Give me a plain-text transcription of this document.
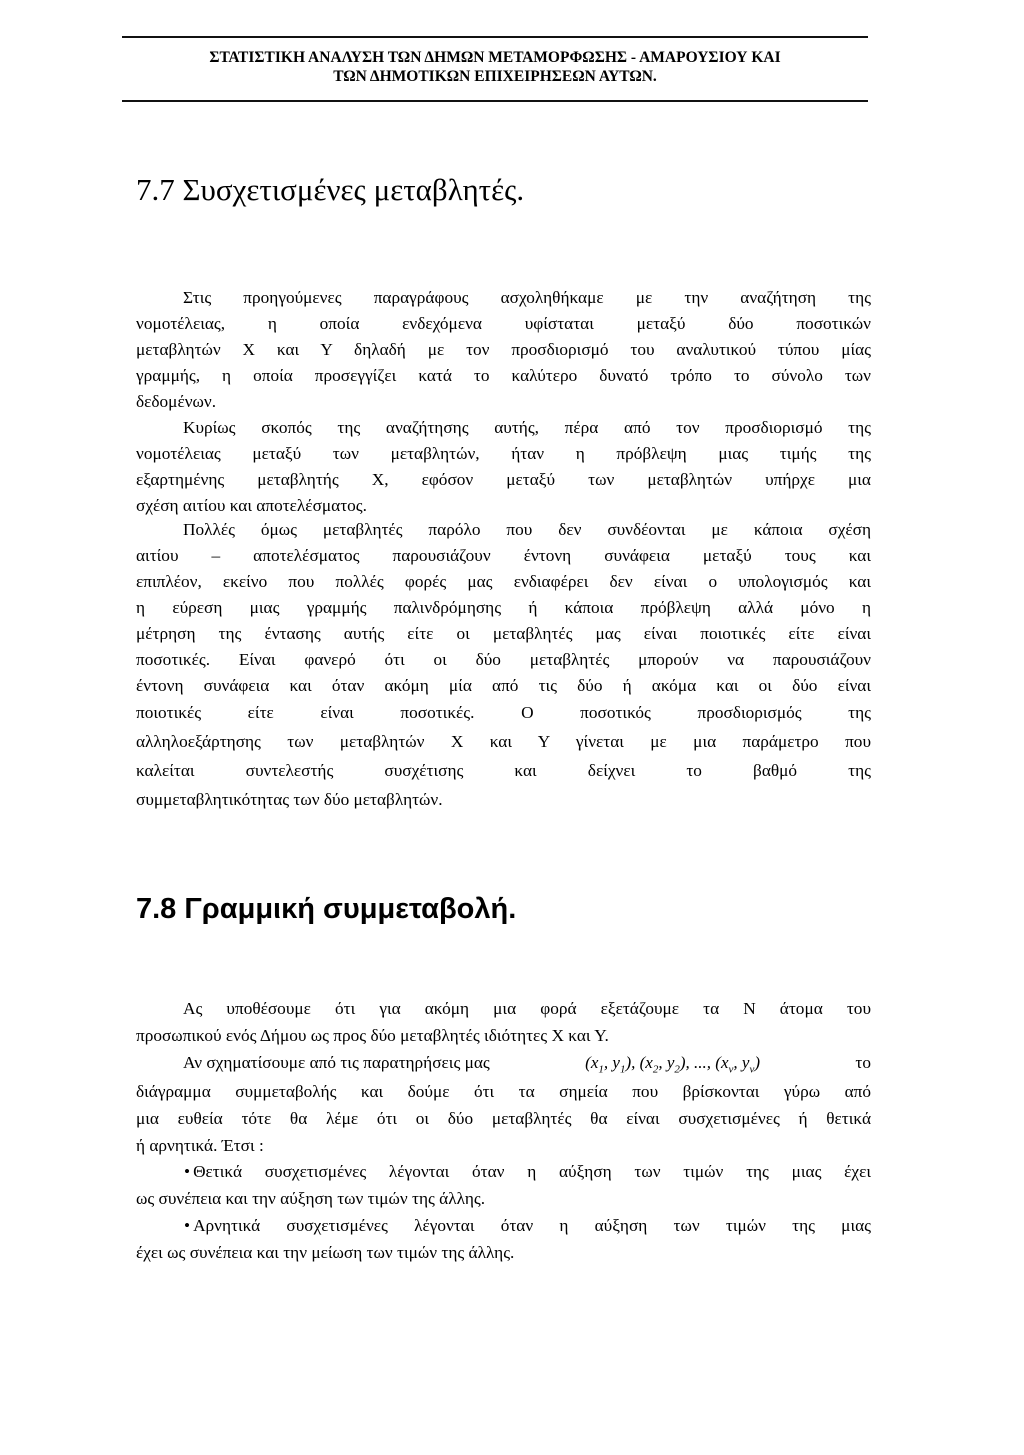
ΣΤΑΤΙΣΤΙΚΗ ΑΝΑΛΥΣΗ ΤΩΝ ΔΗΜΩΝ ΜΕΤΑΜΟΡΦΩΣΗΣ - ΑΜΑΡΟΥΣΙΟΥ ΚΑΙ
ΤΩΝ ΔΗΜΟΤΙΚΩΝ ΕΠΙΧΕΙΡΗΣΕΩΝ ΑΥΤΩΝ.
7.7 Συσχετισμένες μεταβλητές.
Στις προηγούμενες παραγράφους ασχοληθήκαμε με την αναζήτηση της
νομοτέλειας, η οποία ενδεχόμενα υφίσταται μεταξύ δύο ποσοτικών
μεταβλητών Χ και Υ δηλαδή με τον προσδιορισμό του αναλυτικού τύπου μίας
γραμμής, η οποία προσεγγίζει κατά το καλύτερο δυνατό τρόπο το σύνολο των
δεδομένων.
Κυρίως σκοπός της αναζήτησης αυτής, πέρα από τον προσδιορισμό της
νομοτέλειας μεταξύ των μεταβλητών, ήταν η πρόβλεψη μιας τιμής της
εξαρτημένης μεταβλητής Χ, εφόσον μεταξύ των μεταβλητών υπήρχε μια
σχέση αιτίου και αποτελέσματος.
Πολλές όμως μεταβλητές παρόλο που δεν συνδέονται με κάποια σχέση
αιτίου – αποτελέσματος παρουσιάζουν έντονη συνάφεια μεταξύ τους και
επιπλέον, εκείνο που πολλές φορές μας ενδιαφέρει δεν είναι ο υπολογισμός και
η εύρεση μιας γραμμής παλινδρόμησης ή κάποια πρόβλεψη αλλά μόνο η
μέτρηση της έντασης αυτής είτε οι μεταβλητές μας είναι ποιοτικές είτε είναι
ποσοτικές. Είναι φανερό ότι οι δύο μεταβλητές μπορούν να παρουσιάζουν
έντονη συνάφεια και όταν ακόμη μία από τις δύο ή ακόμα και οι δύο είναι
ποιοτικές είτε είναι ποσοτικές. Ο ποσοτικός προσδιορισμός της
αλληλοεξάρτησης των μεταβλητών Χ και Υ γίνεται με μια παράμετρο που
καλείται συντελεστής συσχέτισης και δείχνει το βαθμό της
συμμεταβλητικότητας των δύο μεταβλητών.
7.8 Γραμμική συμμεταβολή.
Ας υποθέσουμε ότι για ακόμη μια φορά εξετάζουμε τα Ν άτομα του
προσωπικού ενός Δήμου ως προς δύο μεταβλητές ιδιότητες Χ και Υ.
Αν σχηματίσουμε από τις παρατηρήσεις μας	($x_1$, $y_1$), ($x_2$, $y_2$), ..., ($x_\nu$, $y_\nu$)	το
διάγραμμα συμμεταβολής και δούμε ότι τα σημεία που βρίσκονται γύρω από
μια ευθεία τότε θα λέμε ότι οι δύο μεταβλητές θα είναι συσχετισμένες ή θετικά
ή αρνητικά. Έτσι :
• Θετικά συσχετισμένες λέγονται όταν η αύξηση των τιμών της μιας έχει
ως συνέπεια και την αύξηση των τιμών της άλλης.
• Αρνητικά συσχετισμένες λέγονται όταν η αύξηση των τιμών της μιας
έχει ως συνέπεια και την μείωση των τιμών της άλλης.
